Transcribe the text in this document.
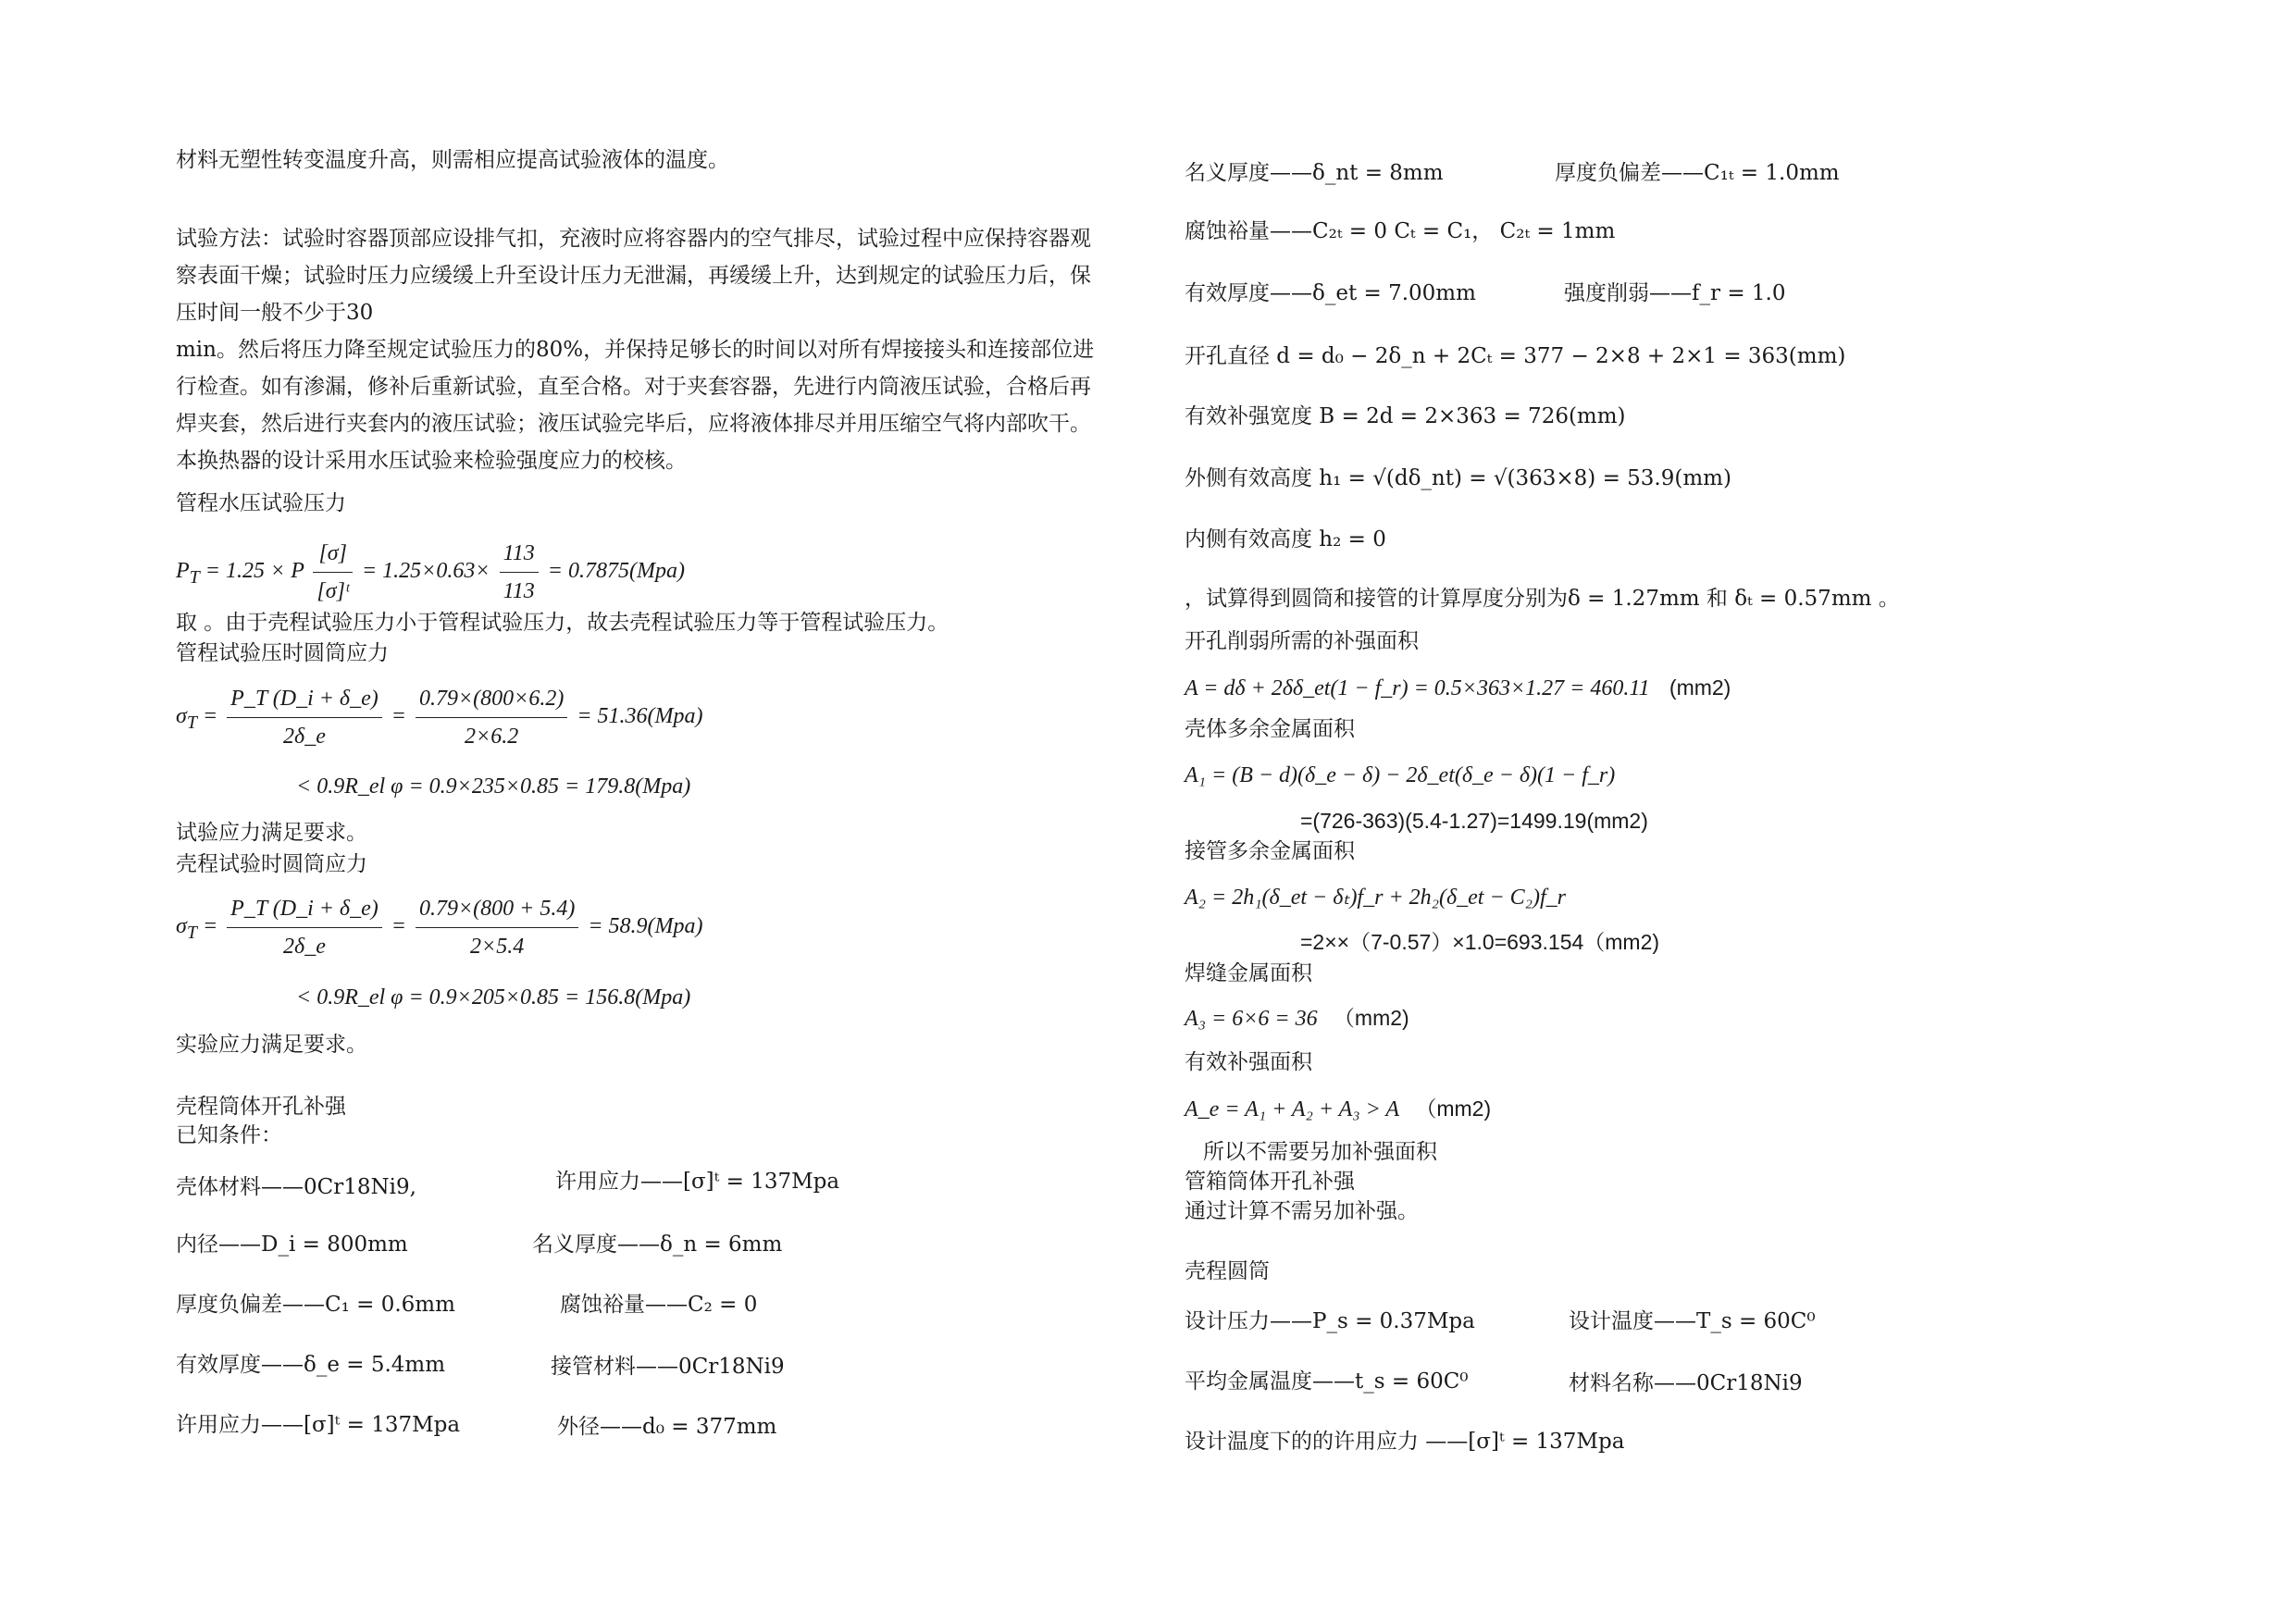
材料无塑性转变温度升高，则需相应提高试验液体的温度。
试验方法：试验时容器顶部应设排气扣，充液时应将容器内的空气排尽，试验过程中应保持容器观察表面干燥；试验时压力应缓缓上升至设计压力无泄漏，再缓缓上升，达到规定的试验压力后，保压时间一般不少于30
min。然后将压力降至规定试验压力的80%，并保持足够长的时间以对所有焊接接头和连接部位进行检查。如有渗漏，修补后重新试验，直至合格。对于夹套容器，先进行内筒液压试验，合格后再焊夹套，然后进行夹套内的液压试验；液压试验完毕后，应将液体排尽并用压缩空气将内部吹干。本换热器的设计采用水压试验来检验强度应力的校核。
管程水压试验压力
$P_T = 1.25 \times P \frac{[\sigma]}{\text{[σ]ᵗ}} = 1.25\times 0.63\times \frac{113}{113} = 0.7875(Mpa)$
取 。由于壳程试验压力小于管程试验压力，故去壳程试验压力等于管程试验压力。
管程试验压时圆筒应力
$\sigma_T = \frac{P\_T (D\_i + \delta\_e)}{2\delta\_e} = \frac{0.79\times(800\times 6.2)}{2\times 6.2} = 51.36(Mpa)$
< 0.9R_el φ = 0.9×235×0.85 = 179.8(Mpa)
试验应力满足要求。
壳程试验时圆筒应力
$\sigma_T = \frac{P\_T (D\_i + \delta\_e)}{2\delta\_e} = \frac{0.79\times(800 + 5.4)}{2\times 5.4} = 58.9(Mpa)$
< 0.9R_el φ = 0.9×205×0.85 = 156.8(Mpa)
实验应力满足要求。
壳程筒体开孔补强
已知条件：
壳体材料——0Cr18Ni9,	许用应力——[σ]ᵗ = 137Mpa
内径——D_i = 800mm	名义厚度——δ_n = 6mm
厚度负偏差——C₁ = 0.6mm	腐蚀裕量——C₂ = 0
有效厚度——δ_e = 5.4mm	接管材料——0Cr18Ni9
许用应力——[σ]ᵗ = 137Mpa	外径——d₀ = 377mm
名义厚度——δ_nt = 8mm	厚度负偏差——C₁ₜ = 1.0mm
腐蚀裕量——C₂ₜ = 0 Cₜ = C₁， C₂ₜ = 1mm
有效厚度——δ_et = 7.00mm	强度削弱——f_r = 1.0
开孔直径 d = d₀ − 2δ_n + 2Cₜ = 377 − 2×8 + 2×1 = 363(mm)
有效补强宽度 B = 2d = 2×363 = 726(mm)
外侧有效高度 h₁ = √(dδ_nt) = √(363×8) = 53.9(mm)
内侧有效高度 h₂ = 0
，试算得到圆筒和接管的计算厚度分别为δ = 1.27mm 和 δₜ = 0.57mm 。
开孔削弱所需的补强面积
A = dδ + 2δδ_et(1 − f_r) = 0.5×363×1.27 = 460.11 (mm2)
壳体多余金属面积
A₁ = (B − d)(δ_e − δ) − 2δ_et(δ_e − δ)(1 − f_r)
=(726-363)(5.4-1.27)=1499.19(mm2)
接管多余金属面积
A₂ = 2h₁(δ_et − δₜ)f_r + 2h₂(δ_et − C₂)f_r
=2××（7-0.57）×1.0=693.154（mm2)
焊缝金属面积
A₃ = 6×6 = 36 （mm2)
有效补强面积
A_e = A₁ + A₂ + A₃ > A （mm2)
所以不需要另加补强面积
管箱筒体开孔补强
通过计算不需另加补强。
壳程圆筒
设计压力——P_s = 0.37Mpa	设计温度——T_s = 60C⁰
平均金属温度——t_s = 60C⁰	材料名称——0Cr18Ni9
设计温度下的的许用应力 ——[σ]ᵗ = 137Mpa
